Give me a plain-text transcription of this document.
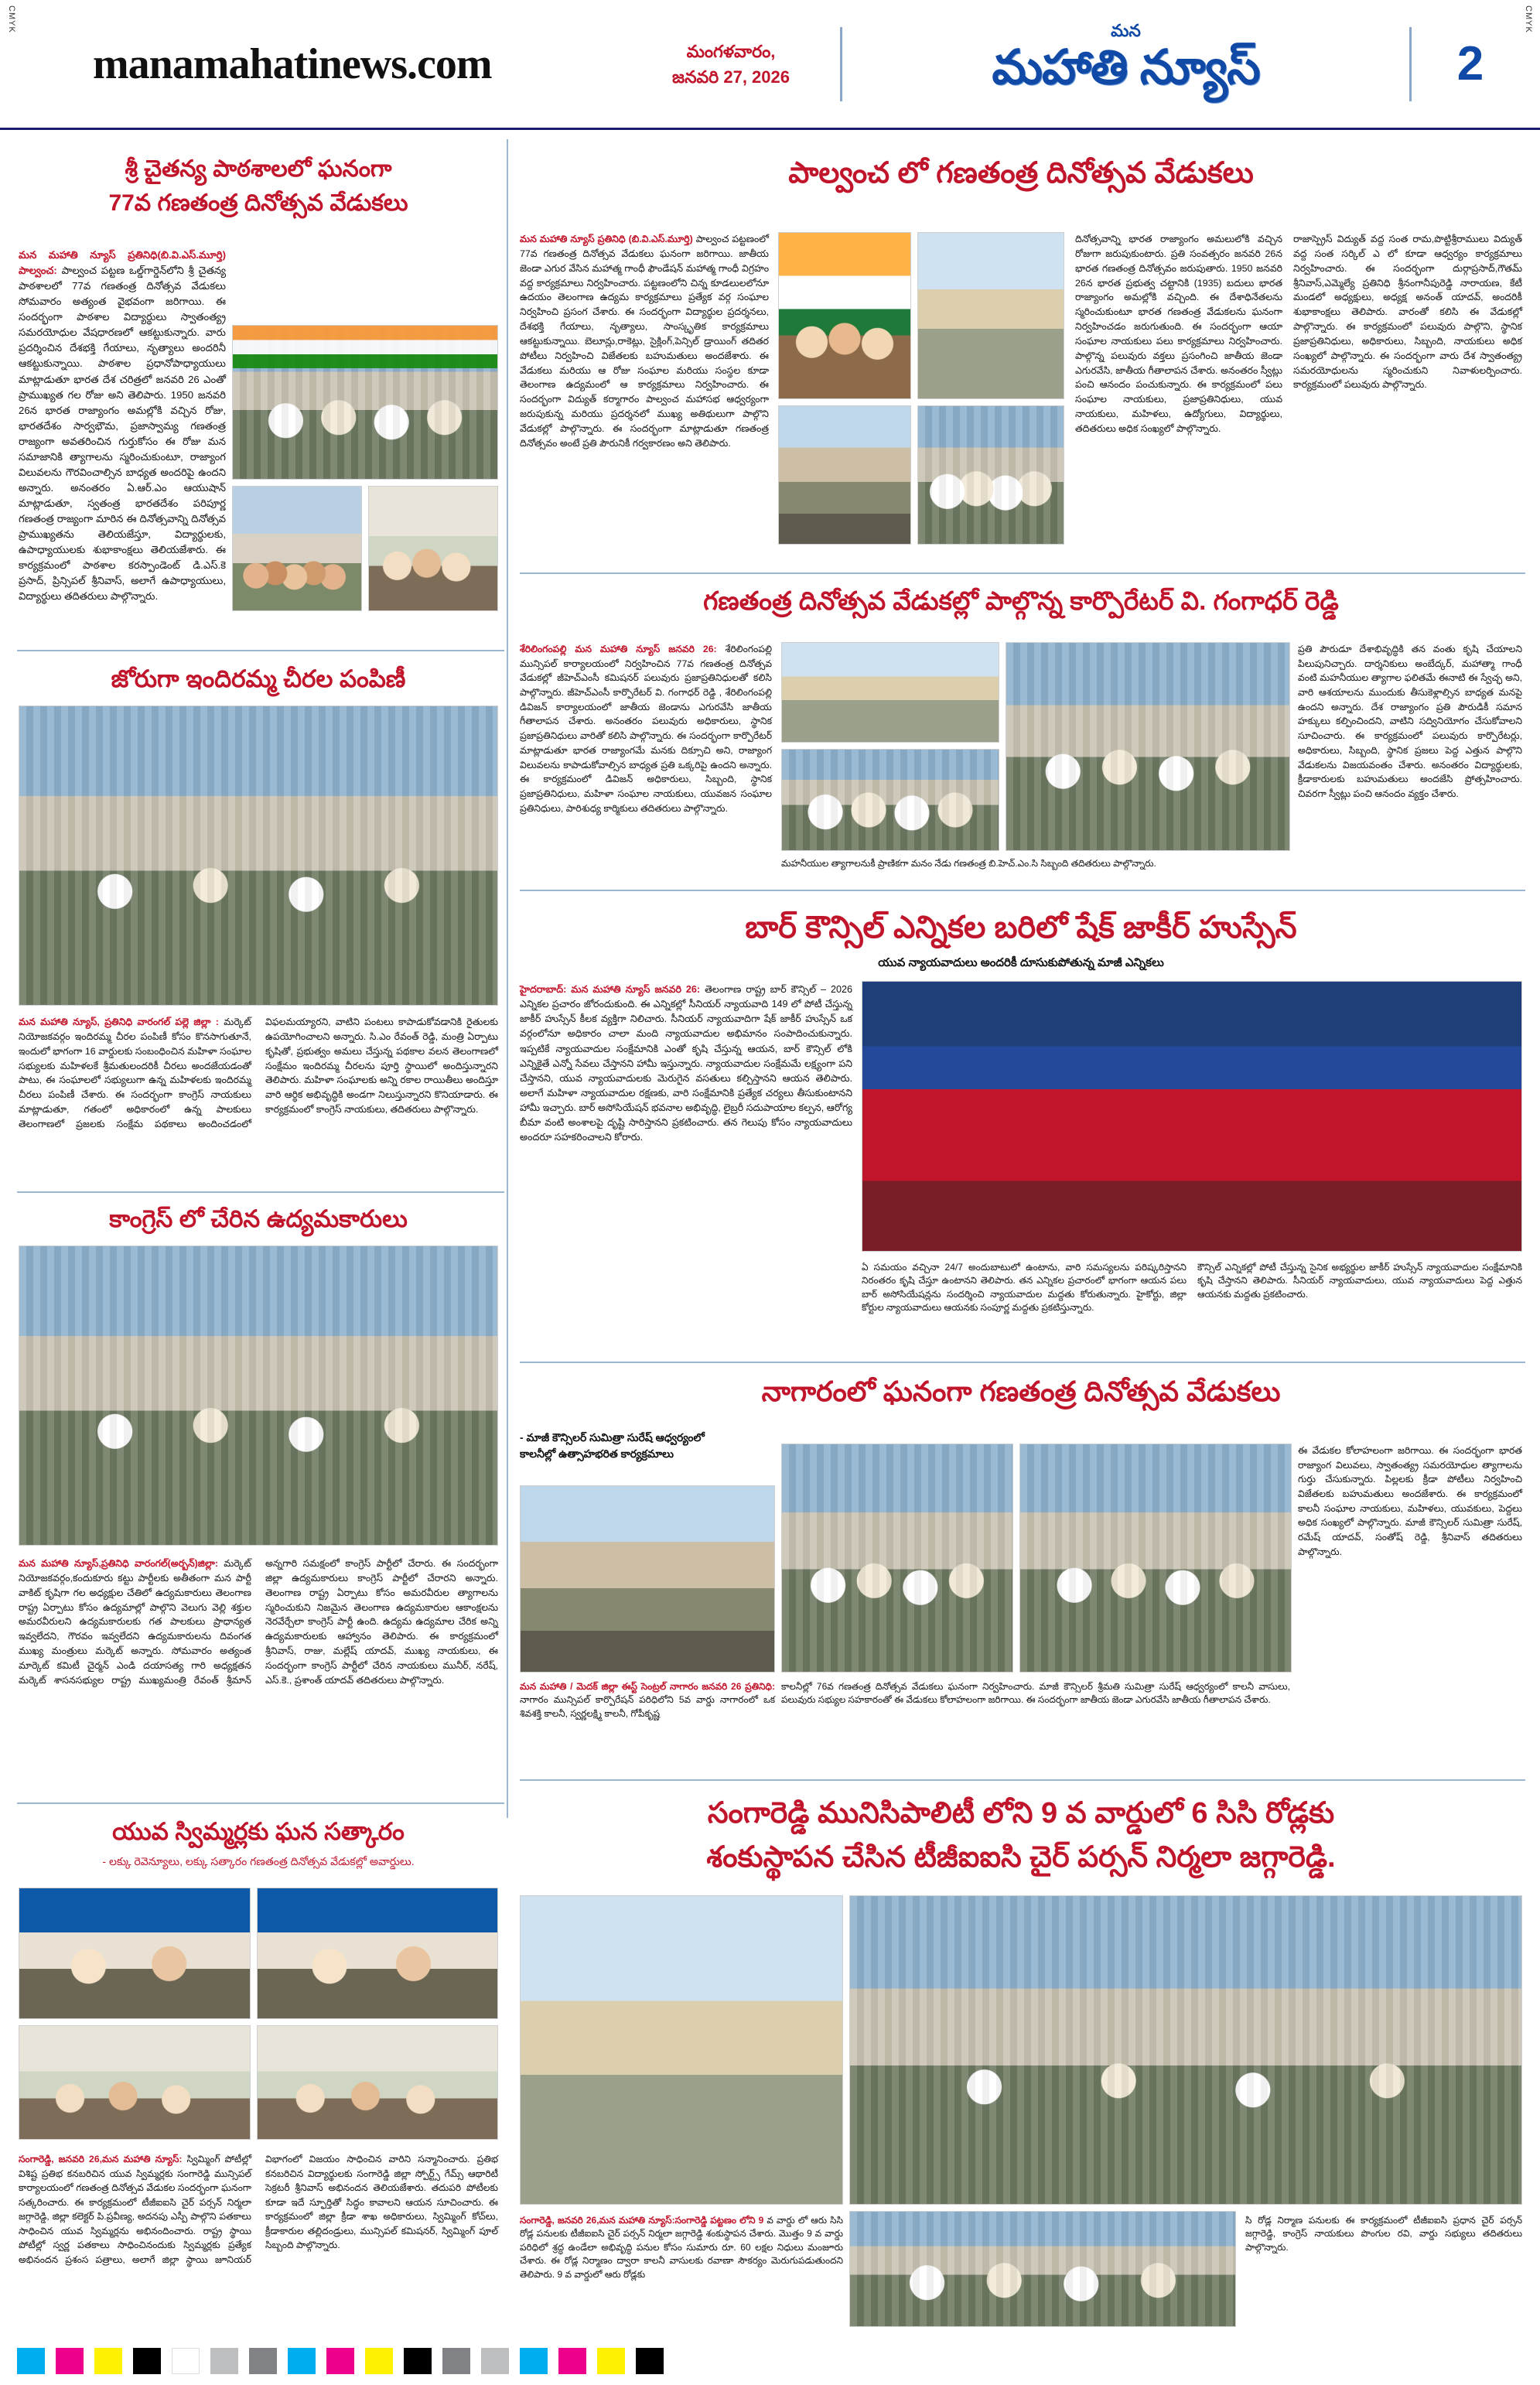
CMYK
manamahatinews.com	మంగళవారం,
జనవరి 27, 2026
మన
మహాతి న్యూస్	2
CMYK
శ్రీ చైతన్య పాఠశాలలో ఘనంగా
77వ గణతంత్ర దినోత్సవ వేడుకలు

మన మహాతి న్యూస్ ప్రతినిధి(బి.వి.ఎస్.మూర్తి) పాల్వంచ: పాల్వంచ పట్టణ ఒల్డ్‌గార్డెన్‌లోని శ్రీ చైతన్య పాఠశాలలో 77వ గణతంత్ర దినోత్సవ వేడుకలు సోమవారం అత్యంత వైభవంగా జరిగాయి. ఈ సందర్భంగా పాఠశాల విద్యార్థులు స్వాతంత్య్ర సమరయోధుల వేషధారణలో ఆకట్టుకున్నారు. వారు ప్రదర్శించిన దేశభక్తి గేయాలు, నృత్యాలు అందరినీ ఆకట్టుకున్నాయి. పాఠశాల ప్రధానోపాధ్యాయులు మాట్లాడుతూ భారత దేశ చరిత్రలో జనవరి 26 ఎంతో ప్రాముఖ్యత గల రోజు అని తెలిపారు. 1950 జనవరి 26న భారత రాజ్యాంగం అమల్లోకి వచ్చిన రోజు, భారతదేశం సార్వభౌమ, ప్రజాస్వామ్య గణతంత్ర రాజ్యంగా అవతరించిన గుర్తుకోసం ఈ రోజు మన సమాజానికి త్యాగాలను స్మరించుకుంటూ, రాజ్యాంగ విలువలను గౌరవించాల్సిన బాధ్యత అందరిపై ఉందని అన్నారు. అనంతరం ఏ.ఆర్.ఎం ఆయుషాన్ మాట్లాడుతూ, స్వతంత్ర భారతదేశం పరిపూర్ణ గణతంత్ర రాజ్యంగా మారిన ఈ దినోత్సవాన్ని దినోత్సవ ప్రాముఖ్యతను తెలియజేస్తూ, విద్యార్థులకు, ఉపాధ్యాయులకు శుభాకాంక్షలు తెలియజేశారు. ఈ కార్యక్రమంలో పాఠశాల కరస్పాండెంట్ డి.ఎస్.కె ప్రసాద్, ప్రిన్సిపల్ శ్రీనివాస్, అలాగే ఉపాధ్యాయులు, విద్యార్థులు తదితరులు పాల్గొన్నారు.

జోరుగా ఇందిరమ్మ చీరల పంపిణీ

మన మహాతి న్యూస్, ప్రతినిధి వారంగల్ పల్లె జిల్లా : మర్కెట్ నియోజకవర్గం ఇందిరమ్మ చీరల పంపిణీ కోసం కొనసాగుతూనే, ఇందులో భాగంగా 16 వార్డులకు సంబంధించిన మహిళా సంఘాల సభ్యులకు మహిళలకే శ్రీమతులందరికీ చీరలు అందజేయడంతో పాటు, ఈ సంఘాలలో సభ్యులుగా ఉన్న మహిళలకు ఇందిరమ్మ చీరలు పంపిణీ చేశారు. ఈ సందర్భంగా కాంగ్రెస్ నాయకులు మాట్లాడుతూ, గతంలో అధికారంలో ఉన్న పాలకులు తెలంగాణలో ప్రజలకు సంక్షేమ పథకాలు అందించడంలో విఫలమయ్యారని, వాటిని పంటలు కాపాడుకోవడానికి రైతులకు ఉపయోగించాలని అన్నారు. సి.ఎం రేవంత్ రెడ్డి, మంత్రి ఏర్పాటు కృషితో, ప్రభుత్వం అమలు చేస్తున్న పథకాల వలన తెలంగాణలో సంక్షేమం ఇందిరమ్మ చీరలను పూర్తి స్థాయిలో అందిస్తున్నారని తెలిపారు. మహిళా సంఘాలకు అన్ని రకాల రాయితీలు అందిస్తూ వారి ఆర్థిక అభివృద్ధికి అండగా నిలుస్తున్నారని కొనియాడారు. ఈ కార్యక్రమంలో కాంగ్రెస్ నాయకులు, తదితరులు పాల్గొన్నారు.

కాంగ్రెస్ లో చేరిన ఉద్యమకారులు

మన మహాతి న్యూస్,ప్రతినిధి వారంగల్(అర్బన్)జిల్లా: మర్కెట్ నియోజకవర్గం,కందుకూరు కట్టు పార్టీలకు అతీతంగా మన పార్టీ వాకిట్ కృషిగా గల అధ్యక్షుల చేతిలో ఉద్యమకారులు తెలంగాణ రాష్ట్ర ఏర్పాటు కోసం ఉద్యమాల్లో పాల్గొని వెలుగు వెల్లి శక్తుల అమరవీరులని ఉద్యమకారులకు గత పాలకులు ప్రాధాన్యత ఇవ్వలేదని, గౌరవం ఇవ్వలేదని ఉద్యమకారులను దివంగత ముఖ్య మంత్రులు మర్కెట్ అన్నారు. సోమవారం అత్యంత మార్కెట్ కమిటీ చైర్మన్ ఎండి దయాసత్య గారి అధ్యక్షతన మర్కెట్ శాసనసభ్యుల రాష్ట్ర ముఖ్యమంత్రి రేవంత్ శ్రీమాన్ అన్నగారి సమక్షంలో కాంగ్రెస్ పార్టీలో చేరారు. ఈ సందర్భంగా జిల్లా ఉద్యమకారులు కాంగ్రెస్ పార్టీలో చేరారని అన్నారు. తెలంగాణ రాష్ట్ర ఏర్పాటు కోసం అమరవీరుల త్యాగాలను స్మరించుకుని నిజమైన తెలంగాణ ఉద్యమకారుల ఆకాంక్షలను నెరవేర్చేలా కాంగ్రెస్ పార్టీ ఉంది. ఉద్యమ ఉద్యమాల చేరిక అన్ని ఉద్యమకారులకు ఆహ్వానం తెలిపారు. ఈ కార్యక్రమంలో శ్రీనివాస్, రాజు, మల్లేష్ యాదవ్, ముఖ్య నాయకులు, ఈ సందర్భంగా కాంగ్రెస్ పార్టీలో చేరిన నాయకులు మునీర్, నరేష్, ఎస్.కె., ప్రశాంత్ యాదవ్ తదితరులు పాల్గొన్నారు.

యువ స్విమ్మర్లకు ఘన సత్కారం
- లక్కు రెవెన్యూలు, లక్కు సత్కారం గణతంత్ర దినోత్సవ వేడుకల్లో అవార్డులు.

సంగారెడ్డి, జనవరి 26,మన మహాతి న్యూస్: స్విమ్మింగ్ పోటీల్లో విశిష్ట ప్రతిభ కనబరిచిన యువ స్విమ్మర్లకు సంగారెడ్డి మున్సిపల్ కార్యాలయంలో గణతంత్ర దినోత్సవ వేడుకల సందర్భంగా ఘనంగా సత్కరించారు. ఈ కార్యక్రమంలో టీజీఐఐసి చైర్ పర్సన్ నిర్మలా జగ్గారెడ్డి, జిల్లా కలెక్టర్ పి.ప్రవీణ్య, అదనపు ఎస్పీ పాల్గొని పతకాలు సాధించిన యువ స్విమ్మర్లను అభినందించారు. రాష్ట్ర స్థాయి పోటీల్లో స్వర్ణ పతకాలు సాధించినందుకు స్విమ్మర్లకు ప్రత్యేక అభినందన ప్రశంస పత్రాలు, అలాగే జిల్లా స్థాయి జూనియర్ విభాగంలో విజయం సాధించిన వారిని సన్మానించారు. ప్రతిభ కనబరిచిన విద్యార్థులకు సంగారెడ్డి జిల్లా స్పోర్ట్స్ గేమ్స్ ఆథారిటీ సెక్రటరీ శ్రీనివాస్ అభినందన తెలియజేశారు. తదుపరి పోటీలకు కూడా ఇదే స్ఫూర్తితో సిద్ధం కావాలని ఆయన సూచించారు. ఈ కార్యక్రమంలో జిల్లా క్రీడా శాఖ అధికారులు, స్విమ్మింగ్ కోచ్‌లు, క్రీడాకారుల తల్లిదండ్రులు, మున్సిపల్ కమిషనర్, స్విమ్మింగ్ పూల్ సిబ్బంది పాల్గొన్నారు.

పాల్వంచ లో గణతంత్ర దినోత్సవ వేడుకలు

మన మహాతి న్యూస్ ప్రతినిధి (బి.వి.ఎస్.మూర్తి) పాల్వంచ పట్టణంలో 77వ గణతంత్ర దినోత్సవ వేడుకలు ఘనంగా జరిగాయి. జాతీయ జెండా ఎగుర వేసిన మహాత్మ గాంధీ ఫౌండేషన్ మహాత్మ గాంధీ విగ్రహం వద్ద కార్యక్రమాలు నిర్వహించారు. పట్టణంలోని చిన్న కూడలులలోనూ ఉదయం తెలంగాణ ఉద్యమ కార్యక్రమాలు ప్రత్యేక వర్గ సంఘాల నిర్వహించి ప్రసంగ చేశారు. ఈ సందర్భంగా విద్యార్థుల ప్రదర్శనలు, దేశభక్తి గేయాలు, నృత్యాలు, సాంస్కృతిక కార్యక్రమాలు ఆకట్టుకున్నాయి. బెలూన్లు,రాకెట్లు, సైక్లింగ్,పెన్సిల్ డ్రాయింగ్ తదితర పోటీలు నిర్వహించి విజేతలకు బహుమతులు అందజేశారు. ఈ వేడుకలు మరియు ఆ రోజు సంఘాల మరియు సంస్థల కూడా తెలంగాణ ఉద్యమంలో ఆ కార్యక్రమాలు నిర్వహించారు. ఈ సందర్భంగా విద్యుత్ కర్మాగారం పాల్వంచ మహాసభ ఆధ్వర్యంగా జరుపుకున్న మరియు ప్రదర్శనలో ముఖ్య అతిథులుగా పాల్గొని వేడుకల్లో పాల్గొన్నారు. ఈ సందర్భంగా మాట్లాడుతూ గణతంత్ర దినోత్సవం అంటే ప్రతి పౌరునికీ గర్వకారణం అని తెలిపారు.

దినోత్సవాన్ని భారత రాజ్యాంగం అమలులోకి వచ్చిన రోజుగా జరుపుకుంటారు. ప్రతి సంవత్సరం జనవరి 26న భారత గణతంత్ర దినోత్సవం జరుపుతారు. 1950 జనవరి 26న భారత ప్రభుత్వ చట్టానికి (1935) బదులు భారత రాజ్యాంగం అమల్లోకి వచ్చింది. ఈ దేశాధినేతలను స్మరించుకుంటూ భారత గణతంత్ర వేడుకలను ఘనంగా నిర్వహించడం జరుగుతుంది. ఈ సందర్భంగా ఆయా సంఘాల నాయకులు పలు కార్యక్రమాలు నిర్వహించారు. పాల్గొన్న పలువురు వక్తలు ప్రసంగించి జాతీయ జెండా ఎగురవేసి, జాతీయ గీతాలాపన చేశారు. అనంతరం స్వీట్లు పంచి ఆనందం పంచుకున్నారు. ఈ కార్యక్రమంలో పలు సంఘాల నాయకులు, ప్రజాప్రతినిధులు, యువ నాయకులు, మహిళలు, ఉద్యోగులు, విద్యార్థులు, తదితరులు అధిక సంఖ్యలో పాల్గొన్నారు.

రాజాస్ప్రెస్ విద్యుత్ వద్ద సంత రామ,పొట్టిశ్రీరాములు విద్యుత్ వద్ద సంత సర్కిల్ ఎ లో కూడా ఆధ్వర్యం కార్యక్రమాలు నిర్వహించారు. ఈ సందర్భంగా దుర్గాప్రసాద్,గౌతమ్ శ్రీనివాస్,ఎమ్మెల్యే ప్రతినిధి శ్రీనంగానీపురెడ్డి నారాయణ, కేటీ మండలో అధ్యక్షులు, అధ్యక్ష అనంత్ యాదవ్, అందరికీ శుభాకాంక్షలు తెలిపారు. వారంతో కలిసి ఈ వేడుకల్లో పాల్గొన్నారు. ఈ కార్యక్రమంలో పలువురు పాల్గొని, స్థానిక ప్రజాప్రతినిధులు, అధికారులు, సిబ్బంది, నాయకులు అధిక సంఖ్యలో పాల్గొన్నారు. ఈ సందర్భంగా వారు దేశ స్వాతంత్య్ర సమరయోధులను స్మరించుకుని నివాళులర్పించారు. కార్యక్రమంలో పలువురు పాల్గొన్నారు.

గణతంత్ర దినోత్సవ వేడుకల్లో పాల్గొన్న కార్పొరేటర్ వి. గంగాధర్ రెడ్డి

శేరిలింగంపల్లి మన మహాతి న్యూస్ జనవరి 26: శేరిలింగంపల్లి మున్సిపల్ కార్యాలయంలో నిర్వహించిన 77వ గణతంత్ర దినోత్సవ వేడుకల్లో జీహెచ్ఎంసీ కమిషనర్ పలువురు ప్రజాప్రతినిధులతో కలిసి పాల్గొన్నారు. జీహెచ్ఎంసీ కార్పొరేటర్ వి. గంగాధర్ రెడ్డి , శేరిలింగంపల్లి డివిజన్ కార్యాలయంలో జాతీయ జెండాను ఎగురవేసి జాతీయ గీతాలాపన చేశారు. అనంతరం పలువురు అధికారులు, స్థానిక ప్రజాప్రతినిధులు వారితో కలిసి పాల్గొన్నారు. ఈ సందర్భంగా కార్పొరేటర్ మాట్లాడుతూ భారత రాజ్యాంగమే మనకు దిక్సూచి అని, రాజ్యాంగ విలువలను కాపాడుకోవాల్సిన బాధ్యత ప్రతి ఒక్కరిపై ఉందని అన్నారు. ఈ కార్యక్రమంలో డివిజన్ అధికారులు, సిబ్బంది, స్థానిక ప్రజాప్రతినిధులు, మహిళా సంఘాల నాయకులు, యువజన సంఘాల ప్రతినిధులు, పారిశుధ్య కార్మికులు తదితరులు పాల్గొన్నారు.

ప్రతి పౌరుడూ దేశాభివృద్ధికి తన వంతు కృషి చేయాలని పిలుపునిచ్చారు. దార్శనికులు అంబేద్కర్, మహాత్మా గాంధీ వంటి మహనీయుల త్యాగాల ఫలితమే ఈనాటి ఈ స్వేచ్ఛ అని, వారి ఆశయాలను ముందుకు తీసుకెళ్లాల్సిన బాధ్యత మనపై ఉందని అన్నారు. దేశ రాజ్యాంగం ప్రతి పౌరుడికీ సమాన హక్కులు కల్పించిందని, వాటిని సద్వినియోగం చేసుకోవాలని సూచించారు. ఈ కార్యక్రమంలో పలువురు కార్పొరేటర్లు, అధికారులు, సిబ్బంది, స్థానిక ప్రజలు పెద్ద ఎత్తున పాల్గొని వేడుకలను విజయవంతం చేశారు. అనంతరం విద్యార్థులకు, క్రీడాకారులకు బహుమతులు అందజేసి ప్రోత్సహించారు. చివరగా స్వీట్లు పంచి ఆనందం వ్యక్తం చేశారు.

మహనీయుల త్యాగాలనుకీ ప్రాణికగా మనం నేడు గణతంత్ర బి.హెచ్.ఎం.సి సిబ్బంది తదితరులు పాల్గొన్నారు.

బార్ కౌన్సిల్ ఎన్నికల బరిలో షేక్ జాకీర్ హుస్సేన్
యువ న్యాయవాదులు అందరికీ దూసుకుపోతున్న మాజీ ఎన్నికలు

హైదరాబాద్: మన మహాతి న్యూస్ జనవరి 26: తెలంగాణ రాష్ట్ర బార్ కౌన్సిల్ – 2026 ఎన్నికల ప్రచారం జోరందుకుంది. ఈ ఎన్నికల్లో సీనియర్ న్యాయవాది 149 లో పోటీ చేస్తున్న జాకీర్ హుస్సేన్ కీలక వ్యక్తిగా నిలిచారు. సీనియర్ న్యాయవాదిగా షేక్ జాకీర్ హుస్సేన్ ఒక వర్గంలోనూ అధికారం చాలా మంది న్యాయవాదుల అభిమానం సంపాదించుకున్నారు. ఇప్పటికే న్యాయవాదుల సంక్షేమానికి ఎంతో కృషి చేస్తున్న ఆయన, బార్ కౌన్సిల్ లోకి ఎన్నికైతే ఎన్నో సేవలు చేస్తానని హామీ ఇస్తున్నారు. న్యాయవాదుల సంక్షేమమే లక్ష్యంగా పని చేస్తానని, యువ న్యాయవాదులకు మెరుగైన వసతులు కల్పిస్తానని ఆయన తెలిపారు. అలాగే మహిళా న్యాయవాదుల రక్షణకు, వారి సంక్షేమానికి ప్రత్యేక చర్యలు తీసుకుంటానని హామీ ఇచ్చారు. బార్ అసోసియేషన్ భవనాల అభివృద్ధి, లైబ్రరీ సదుపాయాల కల్పన, ఆరోగ్య బీమా వంటి అంశాలపై దృష్టి సారిస్తానని ప్రకటించారు. తన గెలుపు కోసం న్యాయవాదులు అందరూ సహకరించాలని కోరారు.

ఏ సమయం వచ్చినా 24/7 అందుబాటులో ఉంటాను, వారి సమస్యలను పరిష్కరిస్తానని నిరంతరం కృషి చేస్తూ ఉంటానని తెలిపారు. తన ఎన్నికల ప్రచారంలో భాగంగా ఆయన పలు బార్ అసోసియేషన్లను సందర్శించి న్యాయవాదుల మద్దతు కోరుతున్నారు. హైకోర్టు, జిల్లా కోర్టుల న్యాయవాదులు ఆయనకు సంపూర్ణ మద్దతు ప్రకటిస్తున్నారు.

కౌన్సిల్ ఎన్నికల్లో పోటీ చేస్తున్న సైనిక అభ్యర్థుల జాకీర్ హుస్సేన్ న్యాయవాదుల సంక్షేమానికి కృషి చేస్తానని తెలిపారు. సీనియర్ న్యాయవాదులు, యువ న్యాయవాదులు పెద్ద ఎత్తున ఆయనకు మద్దతు ప్రకటించారు.

నాగారంలో ఘనంగా గణతంత్ర దినోత్సవ వేడుకలు
- మాజీ కౌన్సిలర్ సుమిత్రా సురేష్ ఆధ్వర్యంలో
కాలనీల్లో ఉత్సాహభరిత కార్యక్రమాలు

మన మహాతి / మెదక్ జిల్లా ఈస్ట్ సెంట్రల్ నాగారం జనవరి 26 ప్రతినిధి: నాగారం మున్సిపల్ కార్పొరేషన్ పరిధిలోని 5వ వార్డు నాగారంలో ఒక శివశక్తి కాలనీ, స్వర్ణలక్ష్మి కాలనీ, గోపీకృష్ణ

కాలనీల్లో 76వ గణతంత్ర దినోత్సవ వేడుకలు ఘనంగా నిర్వహించారు. మాజీ కౌన్సిలర్ శ్రీమతి సుమిత్రా సురేష్ ఆధ్వర్యంలో కాలనీ వాసులు, పలువురు సభ్యుల సహకారంతో ఈ వేడుకలు కోలాహలంగా జరిగాయి. ఈ సందర్భంగా జాతీయ జెండా ఎగురవేసి జాతీయ గీతాలాపన చేశారు.

ఈ వేడుకల కోలాహలంగా జరిగాయి. ఈ సందర్భంగా భారత రాజ్యాంగ విలువలు, స్వాతంత్య్ర సమరయోధుల త్యాగాలను గుర్తు చేసుకున్నారు. పిల్లలకు క్రీడా పోటీలు నిర్వహించి విజేతలకు బహుమతులు అందజేశారు. ఈ కార్యక్రమంలో కాలనీ సంఘాల నాయకులు, మహిళలు, యువకులు, పెద్దలు అధిక సంఖ్యలో పాల్గొన్నారు. మాజీ కౌన్సిలర్ సుమిత్రా సురేష్, రమేష్ యాదవ్, సంతోష్ రెడ్డి, శ్రీనివాస్ తదితరులు పాల్గొన్నారు.

సంగారెడ్డి మునిసిపాలిటీ లోని 9 వ వార్డులో 6 సిసి రోడ్లకు
శంకుస్థాపన చేసిన టీజీఐఐసి చైర్ పర్సన్ నిర్మలా జగ్గారెడ్డి.

సంగారెడ్డి, జనవరి 26,మన మహాతి న్యూస్:సంగారెడ్డి పట్టణం లోని 9 వ వార్డు లో ఆరు సిసి రోడ్ల పనులకు టీజీఐఐసి చైర్ పర్సన్ నిర్మలా జగ్గారెడ్డి శంకుస్థాపన చేశారు. మొత్తం 9 వ వార్డు పరిధిలో శ్రద్ధ ఉండేలా అభివృద్ధి పనుల కోసం సుమారు రూ. 60 లక్షల నిధులు మంజూరు చేశారు. ఈ రోడ్ల నిర్మాణం ద్వారా కాలనీ వాసులకు రవాణా సౌకర్యం మెరుగుపడుతుందని తెలిపారు. 9 వ వార్డులో ఆరు రోడ్లకు

సి రోడ్ల నిర్మాణ పనులకు ఈ కార్యక్రమంలో టీజీఐఐసి ప్రధాన చైర్ పర్సన్ జగ్గారెడ్డి, కాంగ్రెస్ నాయకులు పొంగుల రవి, వార్డు సభ్యులు తదితరులు పాల్గొన్నారు.
